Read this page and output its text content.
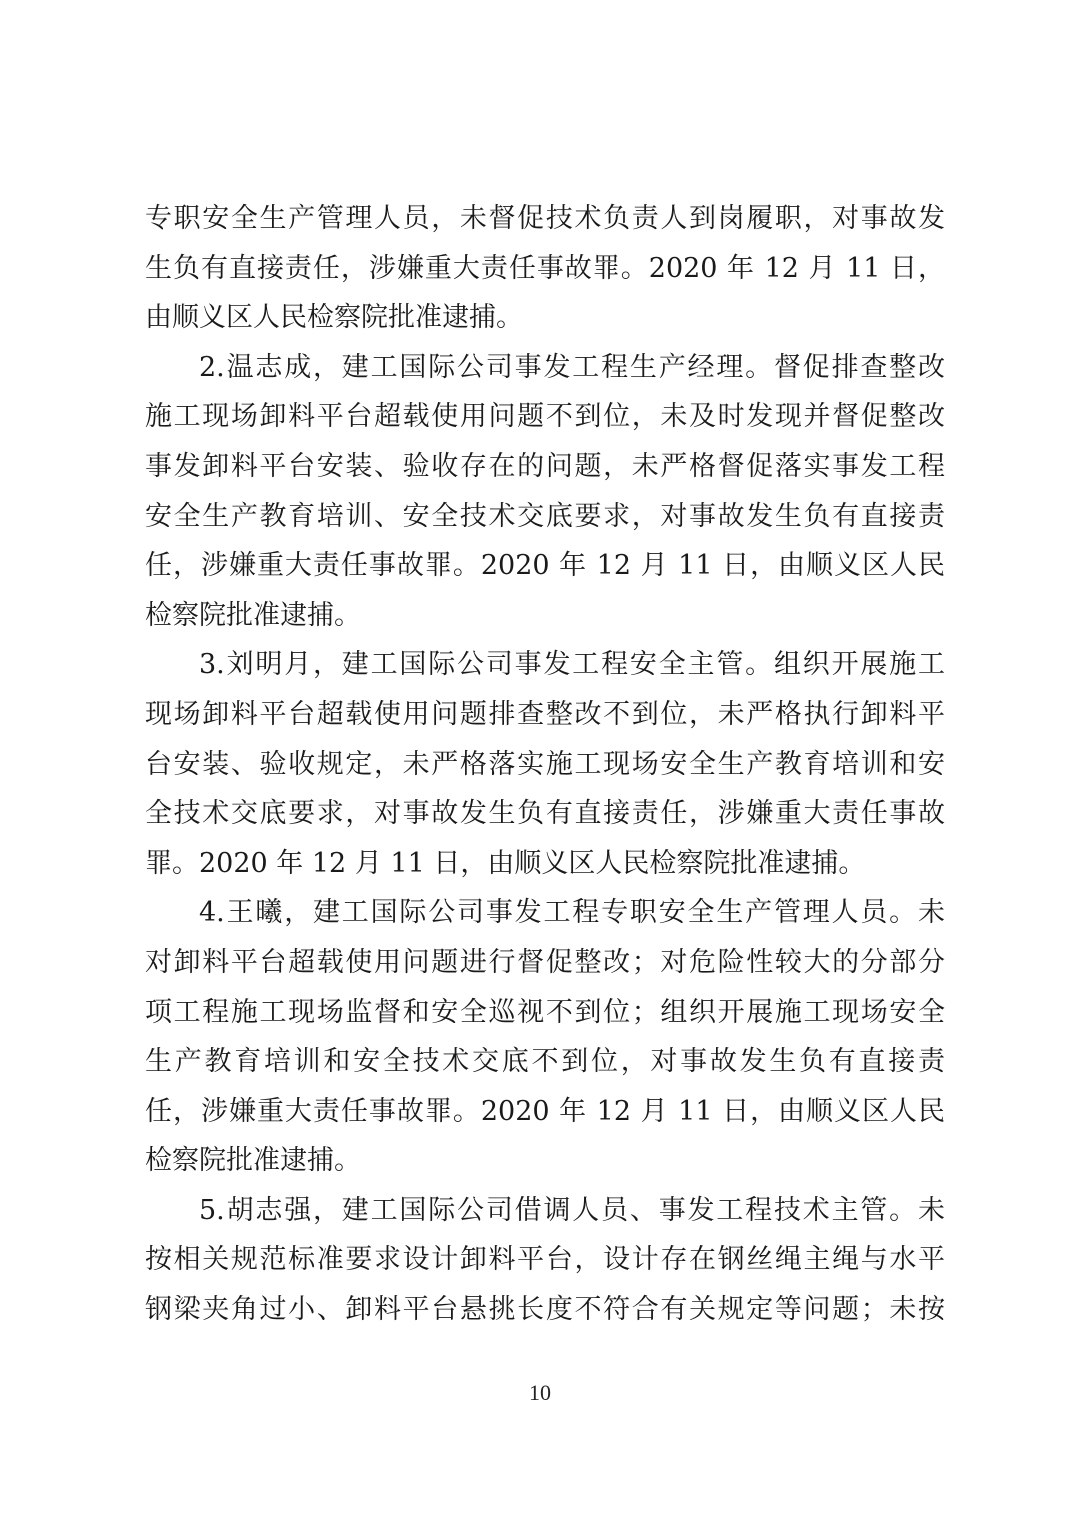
专职安全生产管理人员，未督促技术负责人到岗履职，对事故发
生负有直接责任，涉嫌重大责任事故罪。2020 年 12 月 11 日，
由顺义区人民检察院批准逮捕。
2.温志成，建工国际公司事发工程生产经理。督促排查整改
施工现场卸料平台超载使用问题不到位，未及时发现并督促整改
事发卸料平台安装、验收存在的问题，未严格督促落实事发工程
安全生产教育培训、安全技术交底要求，对事故发生负有直接责
任，涉嫌重大责任事故罪。2020 年 12 月 11 日，由顺义区人民
检察院批准逮捕。
3.刘明月，建工国际公司事发工程安全主管。组织开展施工
现场卸料平台超载使用问题排查整改不到位，未严格执行卸料平
台安装、验收规定，未严格落实施工现场安全生产教育培训和安
全技术交底要求，对事故发生负有直接责任，涉嫌重大责任事故
罪。2020 年 12 月 11 日，由顺义区人民检察院批准逮捕。
4.王曦，建工国际公司事发工程专职安全生产管理人员。未
对卸料平台超载使用问题进行督促整改；对危险性较大的分部分
项工程施工现场监督和安全巡视不到位；组织开展施工现场安全
生产教育培训和安全技术交底不到位，对事故发生负有直接责
任，涉嫌重大责任事故罪。2020 年 12 月 11 日，由顺义区人民
检察院批准逮捕。
5.胡志强，建工国际公司借调人员、事发工程技术主管。未
按相关规范标准要求设计卸料平台，设计存在钢丝绳主绳与水平
钢梁夹角过小、卸料平台悬挑长度不符合有关规定等问题；未按
10
